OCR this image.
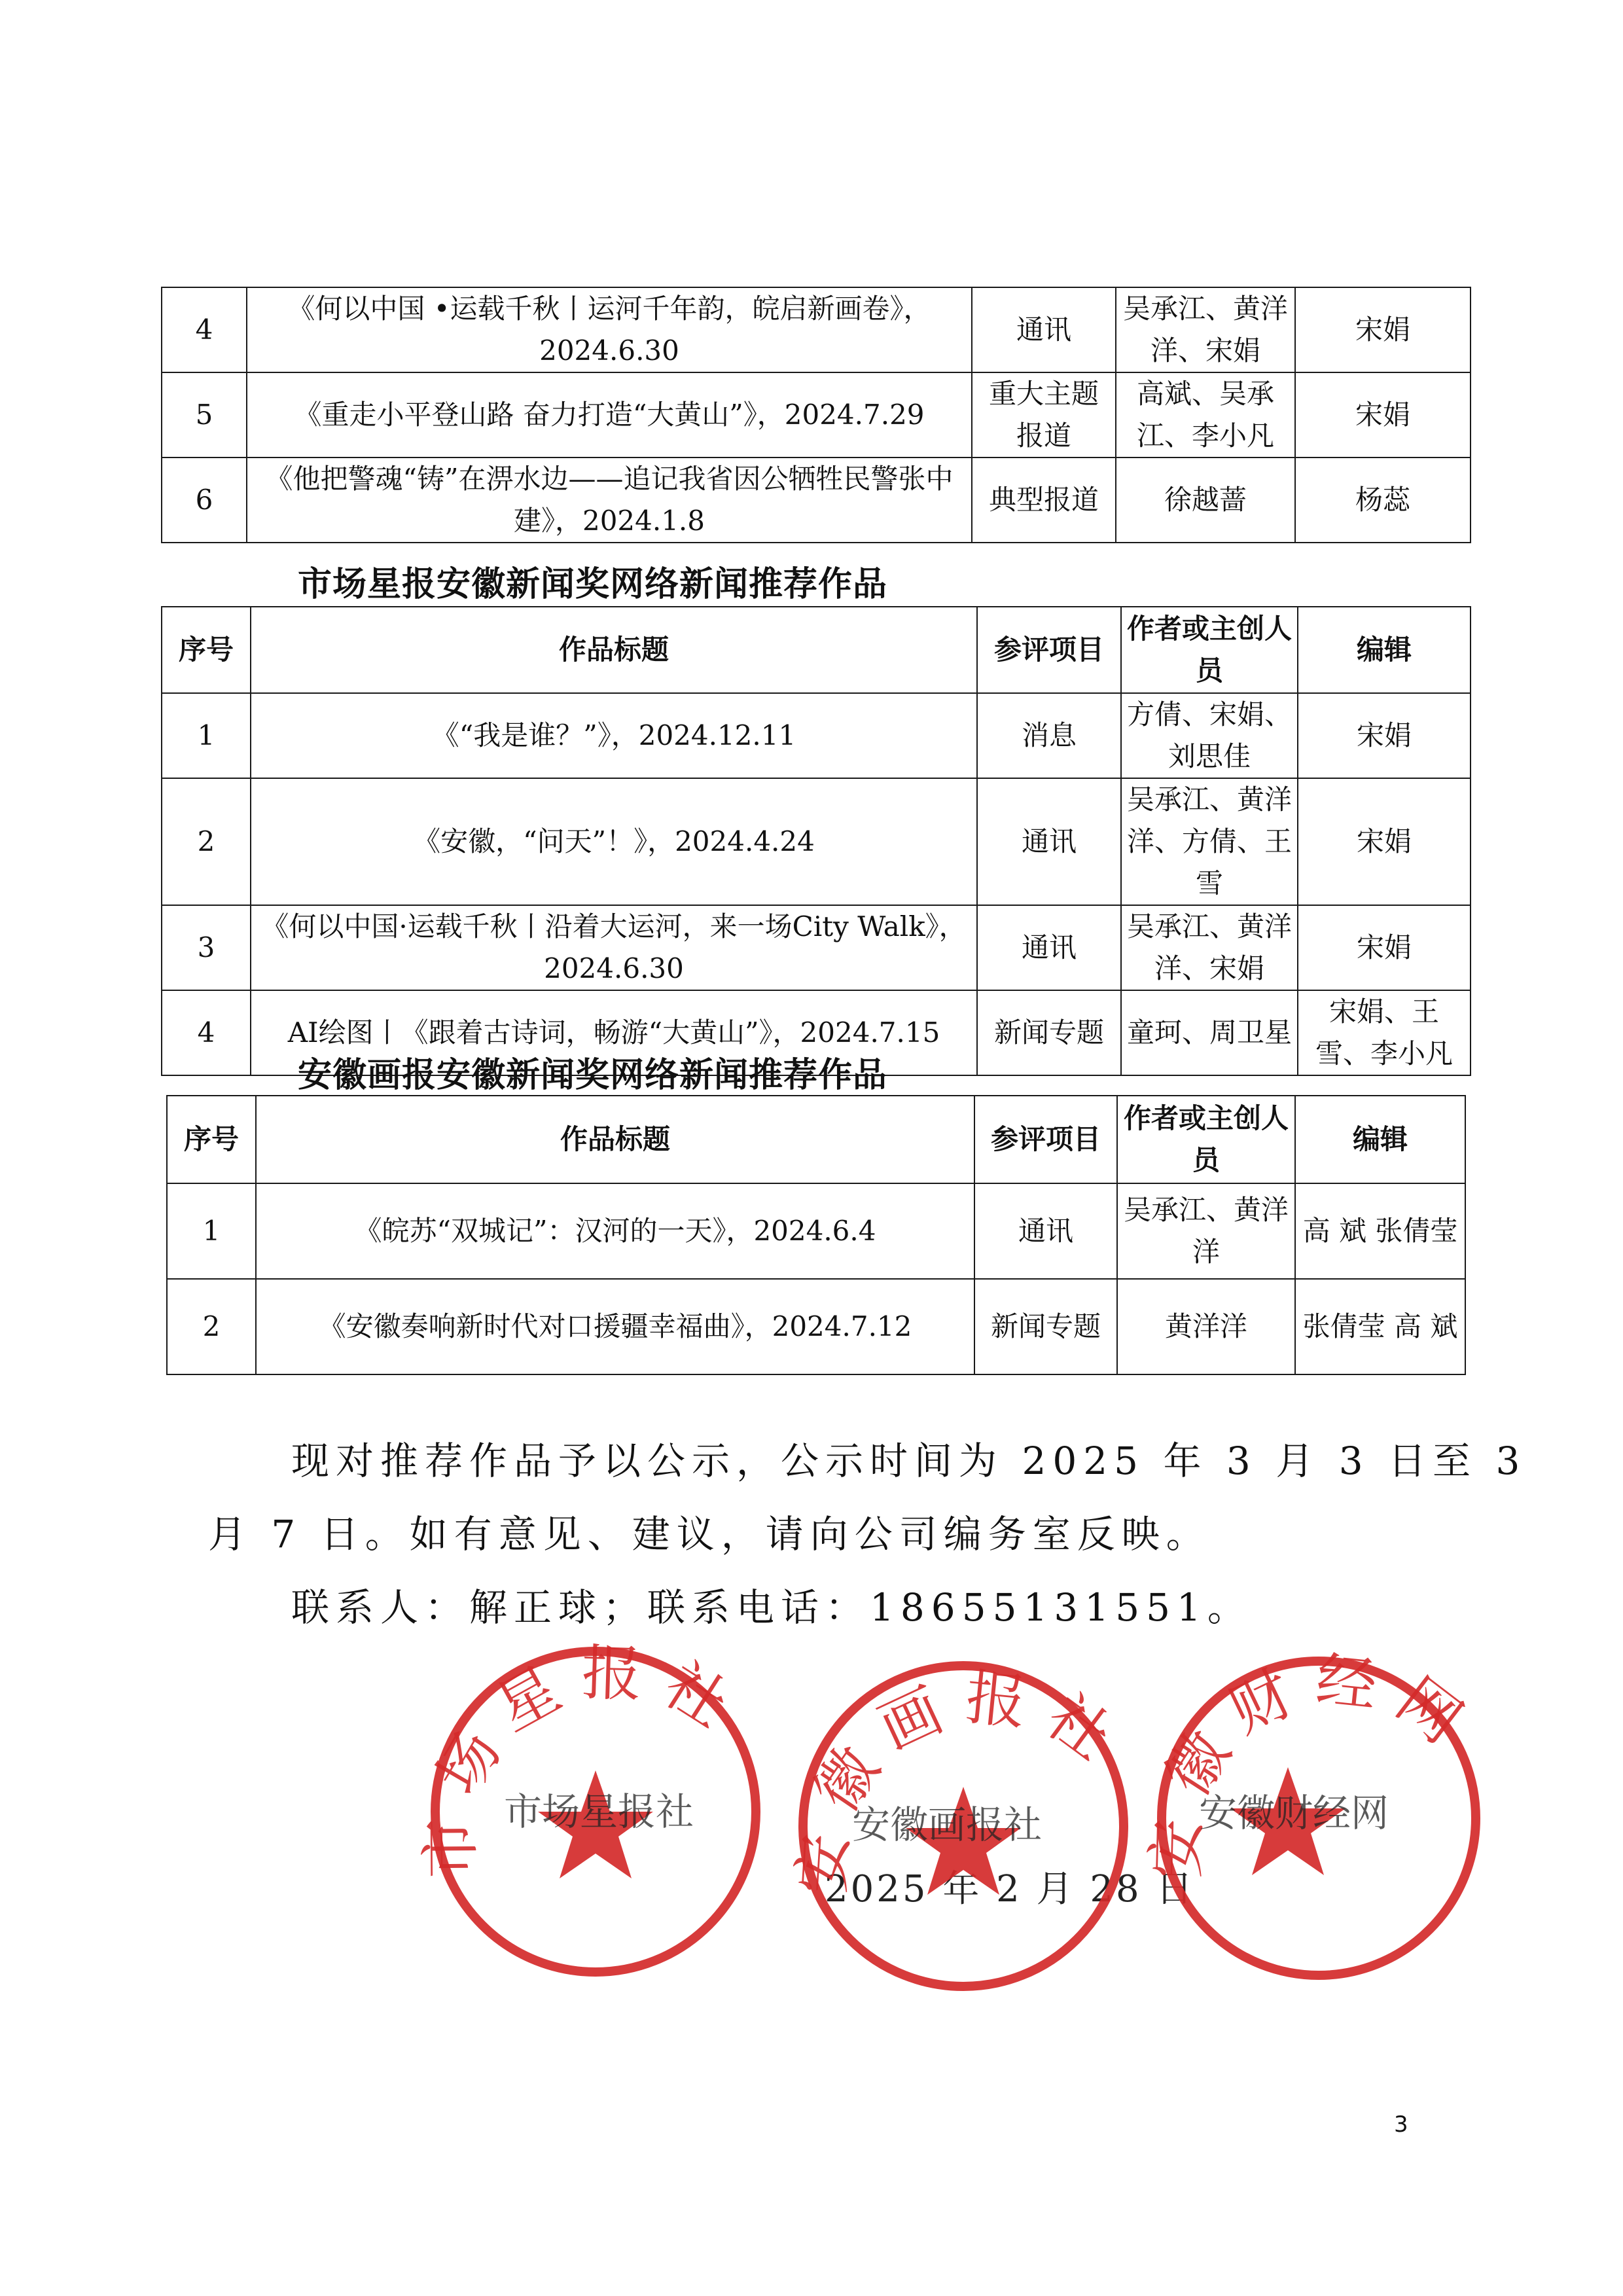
4	《何以中国 •运载千秋丨运河千年韵，皖启新画卷》，2024.6.30	通讯	吴承江、黄洋洋、宋娟	宋娟
5	《重走小平登山路 奋力打造“大黄山”》，2024.7.29	重大主题报道	高斌、吴承江、李小凡	宋娟
6	《他把警魂“铸”在淠水边——追记我省因公牺牲民警张中建》，2024.1.8	典型报道	徐越蔷	杨蕊
市场星报安徽新闻奖网络新闻推荐作品
序号	作品标题	参评项目	作者或主创人员	编辑
1	《“我是谁？”》，2024.12.11	消息	方倩、宋娟、刘思佳	宋娟
2	《安徽，“问天”！》，2024.4.24	通讯	吴承江、黄洋洋、方倩、王雪	宋娟
3	《何以中国·运载千秋丨沿着大运河，来一场City Walk》，2024.6.30	通讯	吴承江、黄洋洋、宋娟	宋娟
4	AI绘图丨《跟着古诗词，畅游“大黄山”》，2024.7.15	新闻专题	童珂、周卫星	宋娟、王雪、李小凡
安徽画报安徽新闻奖网络新闻推荐作品
序号	作品标题	参评项目	作者或主创人员	编辑
1	《皖苏“双城记”：汉河的一天》，2024.6.4	通讯	吴承江、黄洋洋	高 斌 张倩莹
2	《安徽奏响新时代对口援疆幸福曲》，2024.7.12	新闻专题	黄洋洋	张倩莹 高 斌
现对推荐作品予以公示，公示时间为 2025 年 3 月 3 日至 3
月 7 日。如有意见、建议，请向公司编务室反映。
联系人：解正球；联系电话：18655131551。
2025 年 2 月 28 日
市场星报社
市场星报社
安徽画报社
安徽画报社 安徽财经网
安徽财经网
3
